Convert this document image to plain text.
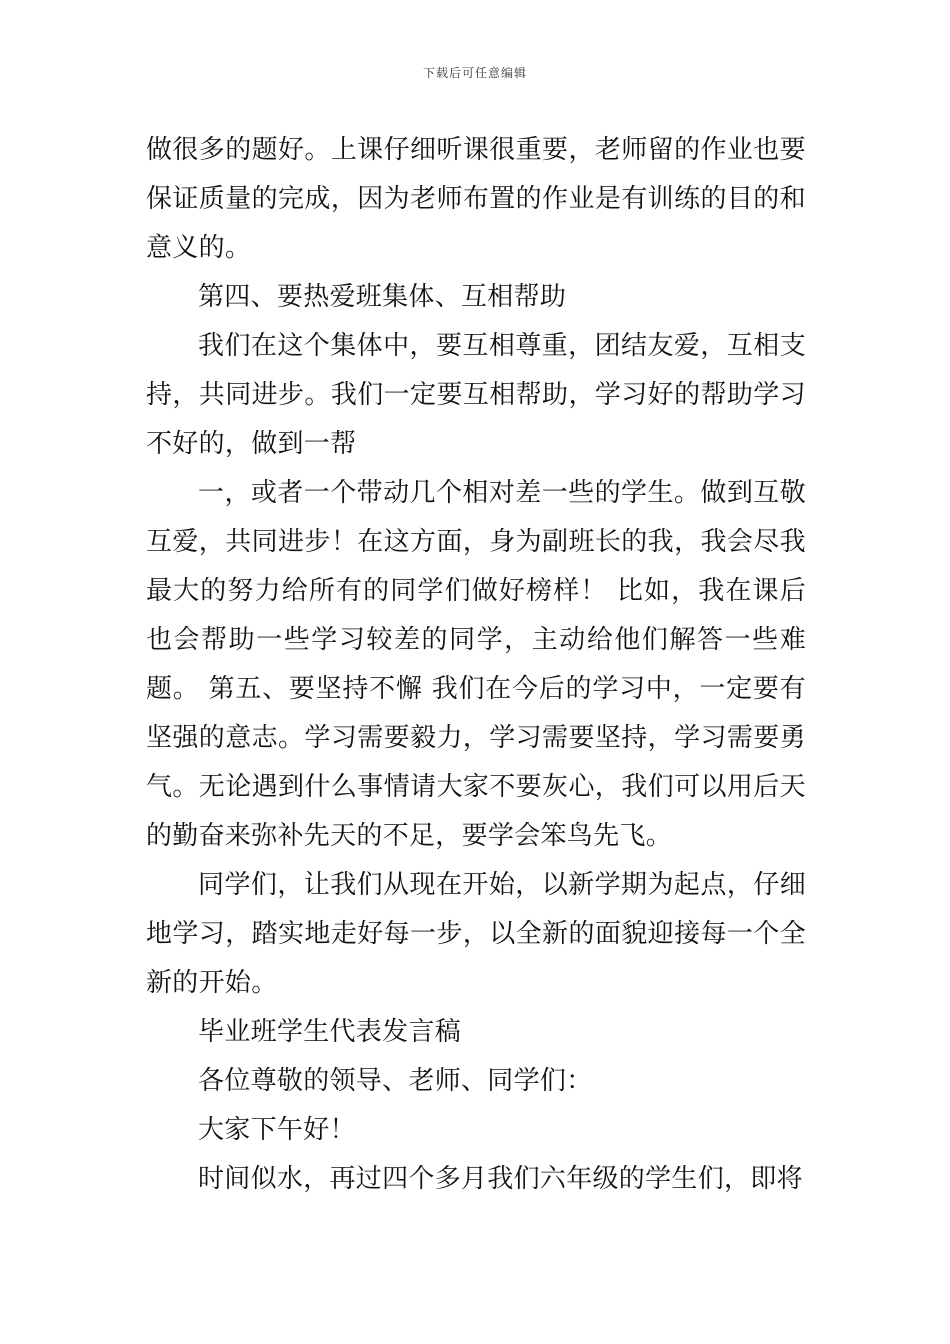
下载后可任意编辑

做很多的题好。上课仔细听课很重要，老师留的作业也要保证质量的完成，因为老师布置的作业是有训练的目的和意义的。

第四、要热爱班集体、互相帮助

我们在这个集体中，要互相尊重，团结友爱，互相支持，共同进步。我们一定要互相帮助，学习好的帮助学习不好的，做到一帮

一，或者一个带动几个相对差一些的学生。做到互敬互爱，共同进步！在这方面，身为副班长的我，我会尽我最大的努力给所有的同学们做好榜样！ 比如，我在课后也会帮助一些学习较差的同学，主动给他们解答一些难题。 第五、要坚持不懈 我们在今后的学习中，一定要有坚强的意志。学习需要毅力，学习需要坚持，学习需要勇气。无论遇到什么事情请大家不要灰心，我们可以用后天的勤奋来弥补先天的不足，要学会笨鸟先飞。

同学们，让我们从现在开始，以新学期为起点，仔细地学习，踏实地走好每一步，以全新的面貌迎接每一个全新的开始。

毕业班学生代表发言稿

各位尊敬的领导、老师、同学们：

大家下午好！

时间似水，再过四个多月我们六年级的学生们，即将
